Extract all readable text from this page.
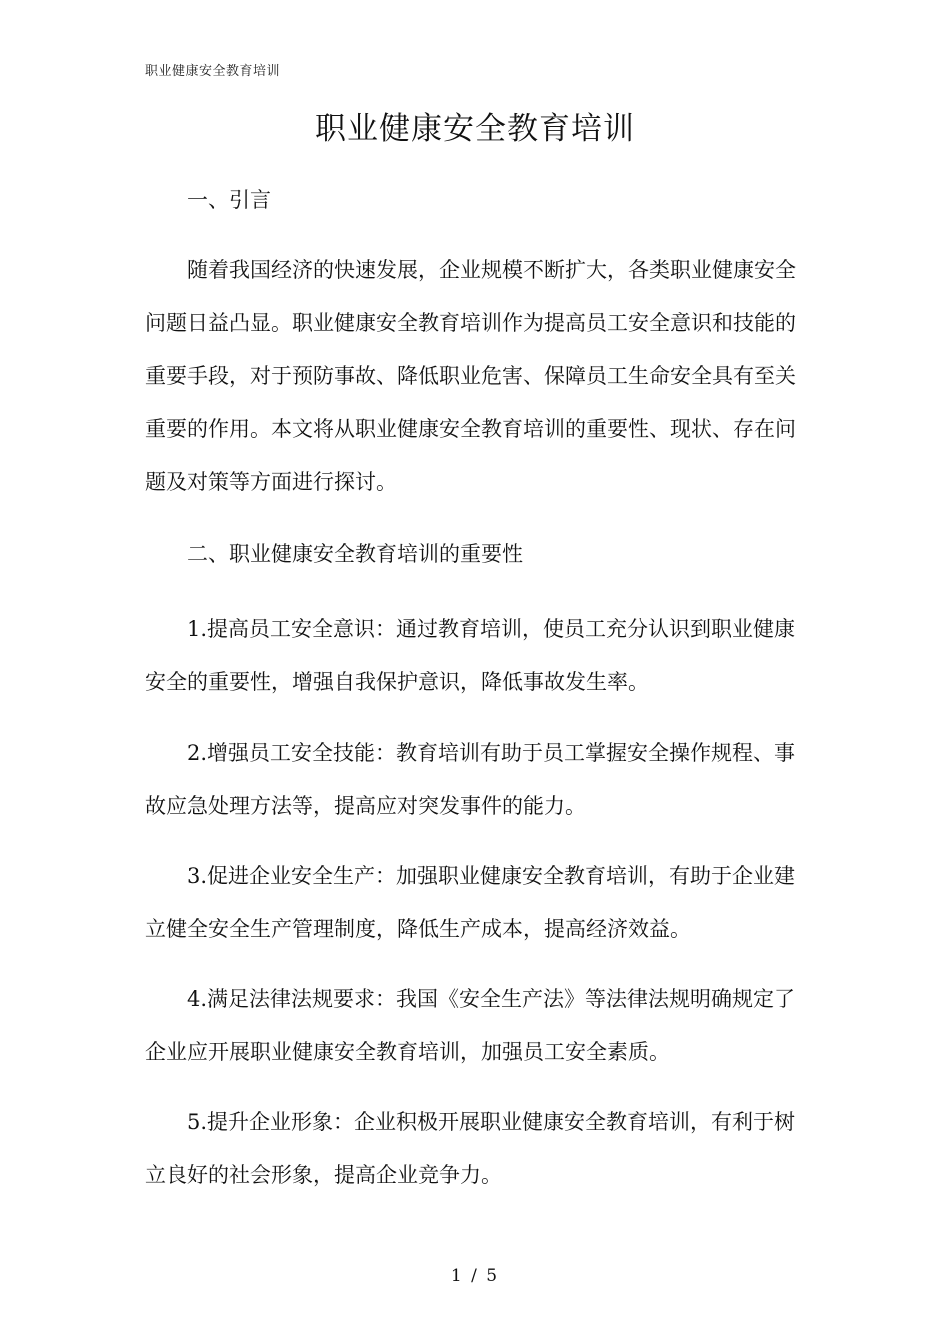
职业健康安全教育培训
职业健康安全教育培训

一、引言

随着我国经济的快速发展，企业规模不断扩大，各类职业健康安全问题日益凸显。职业健康安全教育培训作为提高员工安全意识和技能的重要手段，对于预防事故、降低职业危害、保障员工生命安全具有至关重要的作用。本文将从职业健康安全教育培训的重要性、现状、存在问题及对策等方面进行探讨。

二、职业健康安全教育培训的重要性

1.提高员工安全意识：通过教育培训，使员工充分认识到职业健康安全的重要性，增强自我保护意识，降低事故发生率。

2.增强员工安全技能：教育培训有助于员工掌握安全操作规程、事故应急处理方法等，提高应对突发事件的能力。

3.促进企业安全生产：加强职业健康安全教育培训，有助于企业建立健全安全生产管理制度，降低生产成本，提高经济效益。

4.满足法律法规要求：我国《安全生产法》等法律法规明确规定了企业应开展职业健康安全教育培训，加强员工安全素质。

5.提升企业形象：企业积极开展职业健康安全教育培训，有利于树立良好的社会形象，提高企业竞争力。

1 / 5
